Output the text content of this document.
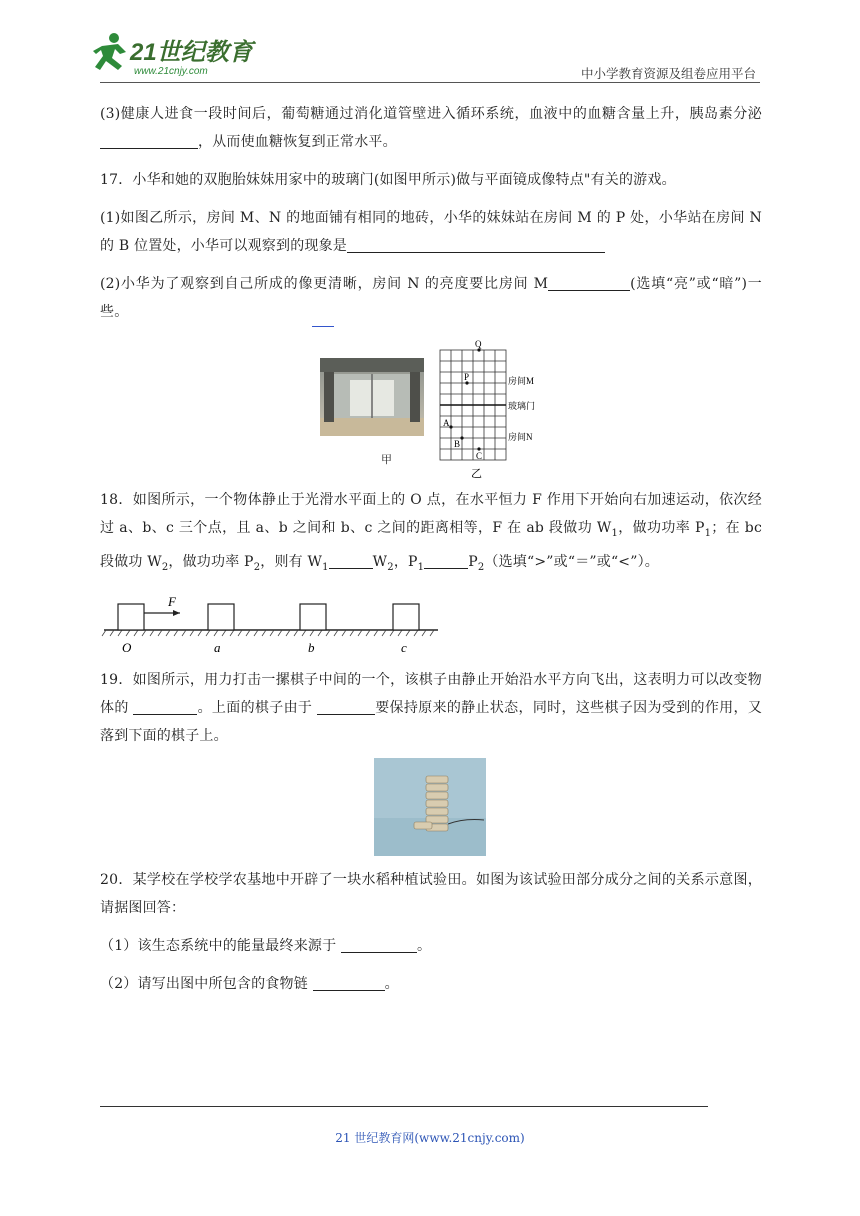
21世纪教育
www.21cnjy.com	中小学教育资源及组卷应用平台

(3)健康人进食一段时间后，葡萄糖通过消化道管壁进入循环系统，血液中的血糖含量上升，胰岛素分泌，从而使血糖恢复到正常水平。

17．小华和她的双胞胎妹妹用家中的玻璃门(如图甲所示)做与平面镜成像特点"有关的游戏。

(1)如图乙所示，房间 M、N 的地面铺有相同的地砖，小华的妹妹站在房间 M 的 P 处，小华站在房间 N 的 B 位置处，小华可以观察到的现象是

(2)小华为了观察到自己所成的像更清晰，房间 N 的亮度要比房间 M	(选填“亮”或“暗”)一些。

甲
Q
P
A
B
C
房间M
玻璃门
房间N
乙

18．如图所示，一个物体静止于光滑水平面上的 O 点，在水平恒力 F 作用下开始向右加速运动，依次经过 a、b、c 三个点，且 a、b 之间和 b、c 之间的距离相等，F 在 ab 段做功 $W_1$，做功功率 $P_1$；在 bc 段做功 $W_2$，做功功率 $P_2$，则有 $W_1$	$W_2$，$P_1$	$P_2$（选填“>”或“＝”或“<”）。

F
O	a	b	c

19．如图所示，用力打击一摞棋子中间的一个，该棋子由静止开始沿水平方向飞出，这表明力可以改变物体的	。上面的棋子由于	要保持原来的静止状态，同时，这些棋子因为受到的作用，又落到下面的棋子上。

20．某学校在学校学农基地中开辟了一块水稻种植试验田。如图为该试验田部分成分之间的关系示意图，请据图回答：

（1）该生态系统中的能量最终来源于	。

（2）请写出图中所包含的食物链	。

21 世纪教育网(www.21cnjy.com)
